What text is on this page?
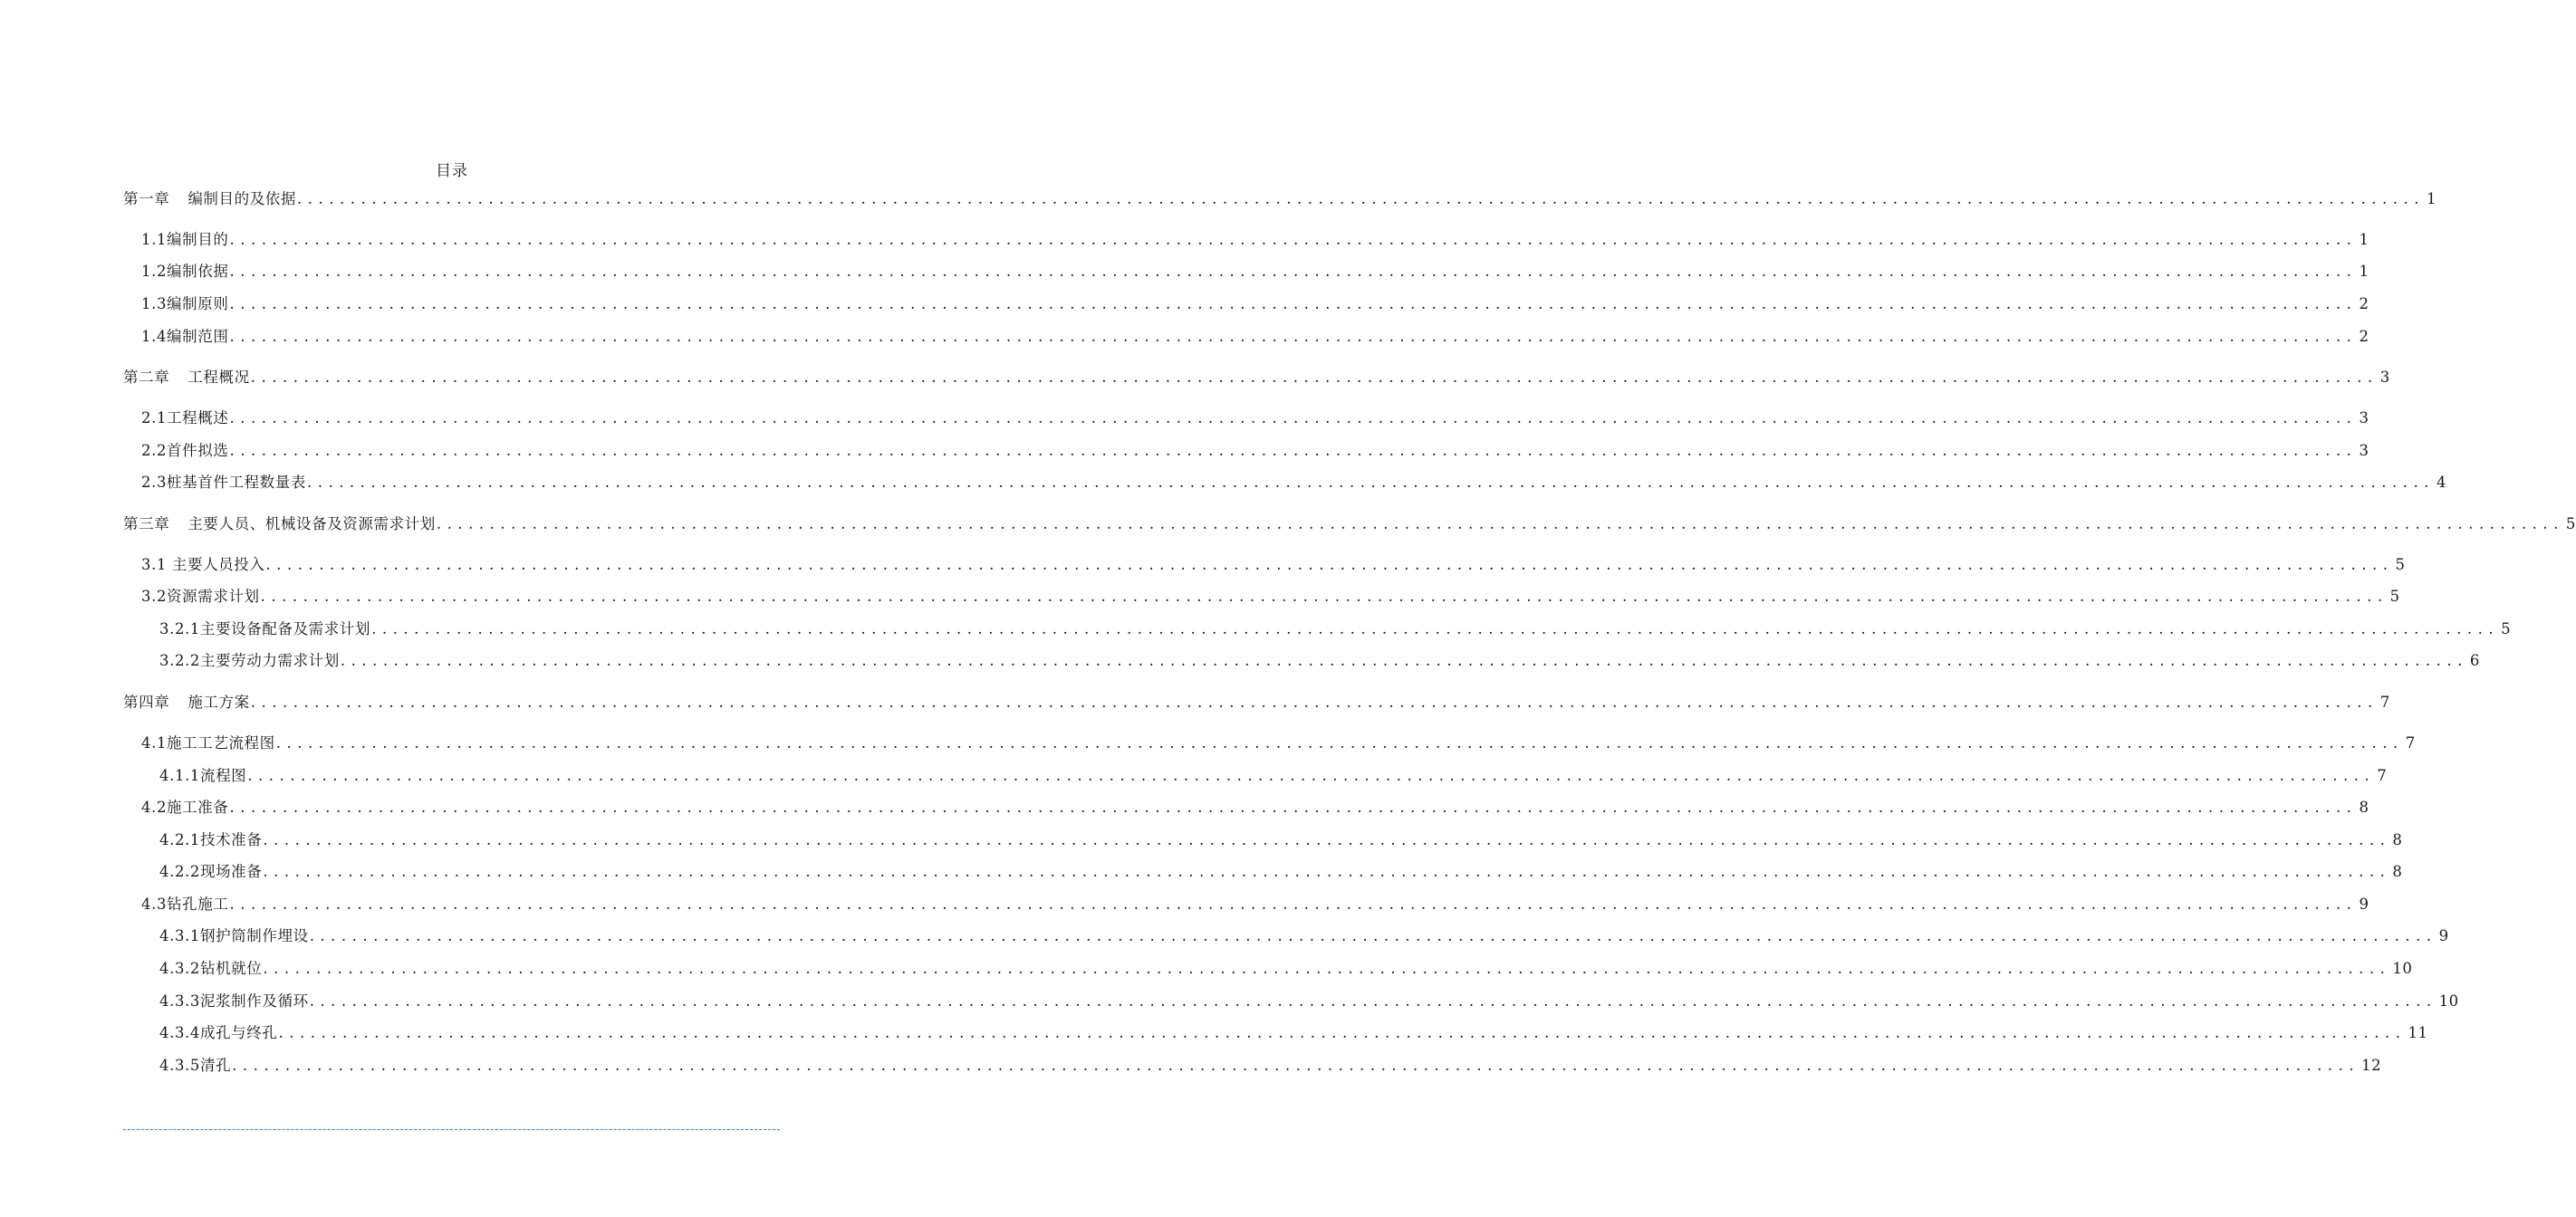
目录
第一章 编制目的及依据 ........................................................................................................................................................................................................ 1
1.1编制目的 ........................................................................................................................................................................................................ 1
1.2编制依据 ........................................................................................................................................................................................................ 1
1.3编制原则 ........................................................................................................................................................................................................ 2
1.4编制范围 ........................................................................................................................................................................................................ 2
第二章 工程概况 ........................................................................................................................................................................................................ 3
2.1工程概述 ........................................................................................................................................................................................................ 3
2.2首件拟选 ........................................................................................................................................................................................................ 3
2.3桩基首件工程数量表 ........................................................................................................................................................................................................ 4
第三章 主要人员、机械设备及资源需求计划 ........................................................................................................................................................................................................ 5
3.1 主要人员投入 ........................................................................................................................................................................................................ 5
3.2资源需求计划 ........................................................................................................................................................................................................ 5
3.2.1主要设备配备及需求计划 ........................................................................................................................................................................................................ 5
3.2.2主要劳动力需求计划 ........................................................................................................................................................................................................ 6
第四章 施工方案 ........................................................................................................................................................................................................ 7
4.1施工工艺流程图 ........................................................................................................................................................................................................ 7
4.1.1流程图 ........................................................................................................................................................................................................ 7
4.2施工准备 ........................................................................................................................................................................................................ 8
4.2.1技术准备 ........................................................................................................................................................................................................ 8
4.2.2现场准备 ........................................................................................................................................................................................................ 8
4.3钻孔施工 ........................................................................................................................................................................................................ 9
4.3.1钢护筒制作埋设 ........................................................................................................................................................................................................ 9
4.3.2钻机就位 ........................................................................................................................................................................................................ 10
4.3.3泥浆制作及循环 ........................................................................................................................................................................................................ 10
4.3.4成孔与终孔 ........................................................................................................................................................................................................ 11
4.3.5清孔 ........................................................................................................................................................................................................ 12
